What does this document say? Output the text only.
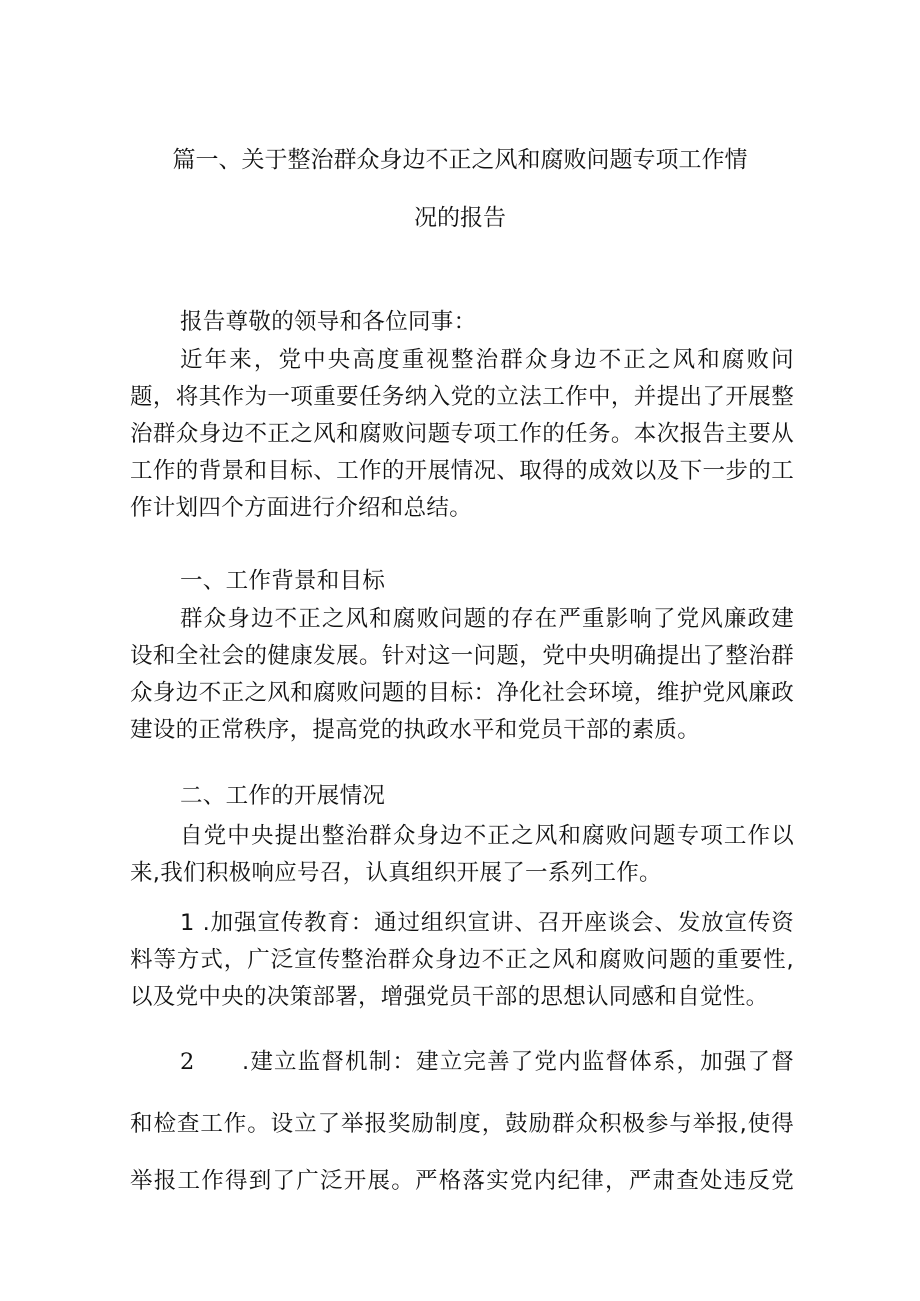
篇一、关于整治群众身边不正之风和腐败问题专项工作情
况的报告
报告尊敬的领导和各位同事：
近年来，党中央高度重视整治群众身边不正之风和腐败问题，将其作为一项重要任务纳入党的立法工作中，并提出了开展整治群众身边不正之风和腐败问题专项工作的任务。本次报告主要从工作的背景和目标、工作的开展情况、取得的成效以及下一步的工作计划四个方面进行介绍和总结。
一、工作背景和目标
群众身边不正之风和腐败问题的存在严重影响了党风廉政建设和全社会的健康发展。针对这一问题，党中央明确提出了整治群众身边不正之风和腐败问题的目标：净化社会环境，维护党风廉政建设的正常秩序，提高党的执政水平和党员干部的素质。
二、工作的开展情况
自党中央提出整治群众身边不正之风和腐败问题专项工作以来,我们积极响应号召，认真组织开展了一系列工作。
1 .加强宣传教育：通过组织宣讲、召开座谈会、发放宣传资料等方式，广泛宣传整治群众身边不正之风和腐败问题的重要性,以及党中央的决策部署，增强党员干部的思想认同感和自觉性。
2 .建立监督机制：建立完善了党内监督体系，加强了督
和检查工作。设立了举报奖励制度，鼓励群众积极参与举报,使得
举报工作得到了广泛开展。严格落实党内纪律，严肃查处违反党
